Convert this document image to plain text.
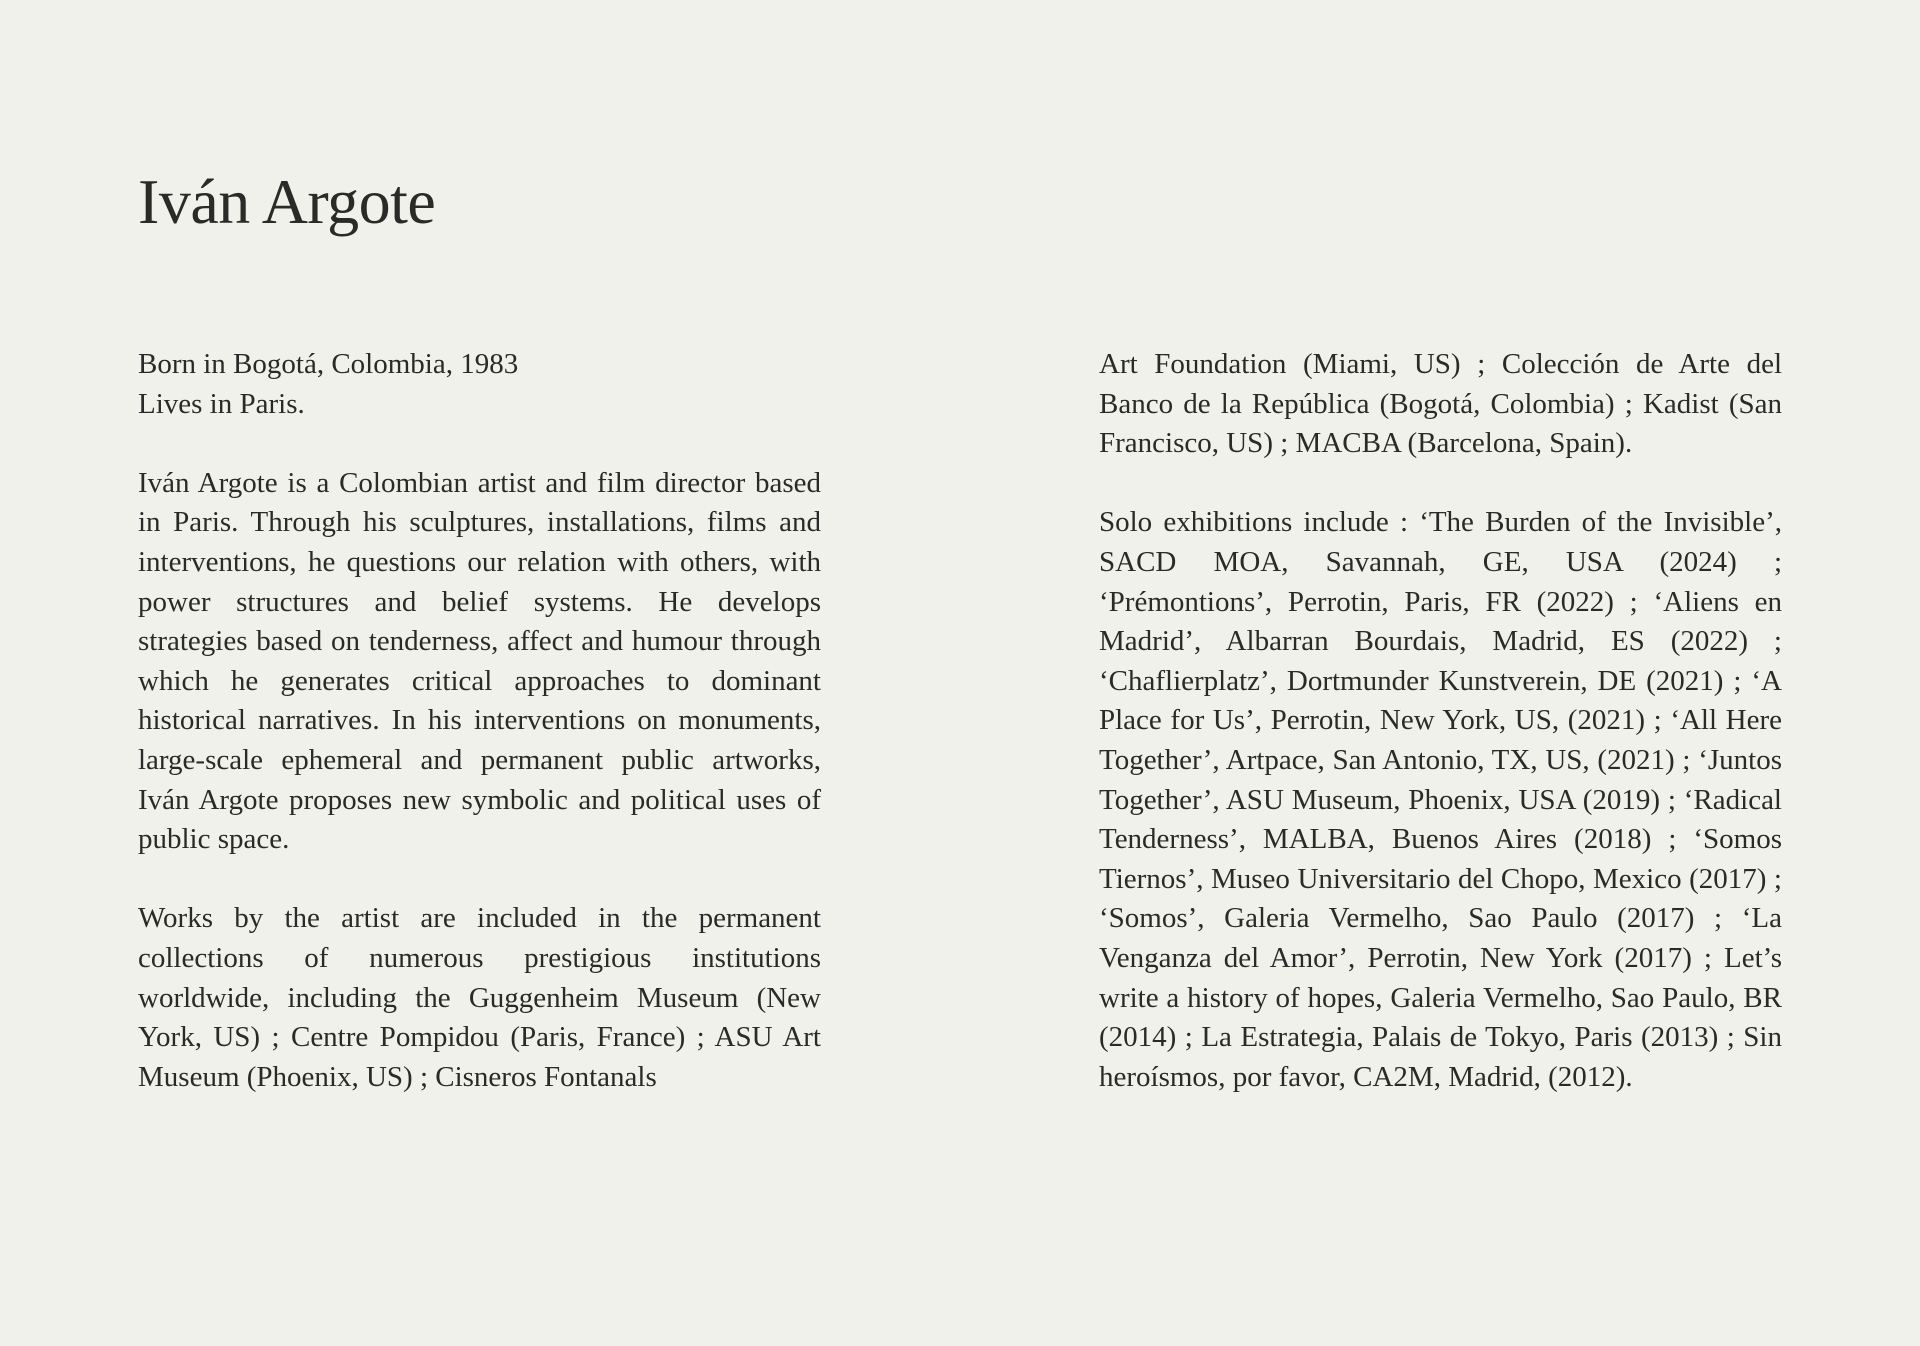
Iván Argote

Born in Bogotá, Colombia, 1983
Lives in Paris.

Iván Argote is a Colombian artist and film director based in Paris. Through his sculptures, installations, films and interventions, he questions our relation with others, with power structures and belief systems. He develops strategies based on tenderness, affect and humour through which he generates critical approaches to dominant historical narratives. In his interventions on monuments, large-scale ephemeral and permanent public artworks, Iván Argote proposes new symbolic and political uses of public space.

Works by the artist are included in the permanent collections of numerous prestigious institutions worldwide, including the Guggenheim Museum (New York, US) ; Centre Pompidou (Paris, France) ; ASU Art Museum (Phoenix, US) ; Cisneros Fontanals

Art Foundation (Miami, US) ; Colección de Arte del Banco de la República (Bogotá, Colombia) ; Kadist (San Francisco, US) ; MACBA (Barcelona, Spain).

Solo exhibitions include : ‘The Burden of the Invisible’, SACD MOA, Savannah, GE, USA (2024) ; ‘Prémontions’, Perrotin, Paris, FR (2022) ; ‘Aliens en Madrid’, Albarran Bourdais, Madrid, ES (2022) ; ‘Chaflierplatz’, Dortmunder Kunstverein, DE (2021) ; ‘A Place for Us’, Perrotin, New York, US, (2021) ; ‘All Here Together’, Artpace, San Antonio, TX, US, (2021) ; ‘Juntos Together’, ASU Museum, Phoenix, USA (2019) ; ‘Radical Tenderness’, MALBA, Buenos Aires (2018) ; ‘Somos Tiernos’, Museo Universitario del Chopo, Mexico (2017) ; ‘Somos’, Galeria Vermelho, Sao Paulo (2017) ; ‘La Venganza del Amor’, Perrotin, New York (2017) ; Let’s write a history of hopes, Galeria Vermelho, Sao Paulo, BR (2014) ; La Estrategia, Palais de Tokyo, Paris (2013) ; Sin heroísmos, por favor, CA2M, Madrid, (2012).
